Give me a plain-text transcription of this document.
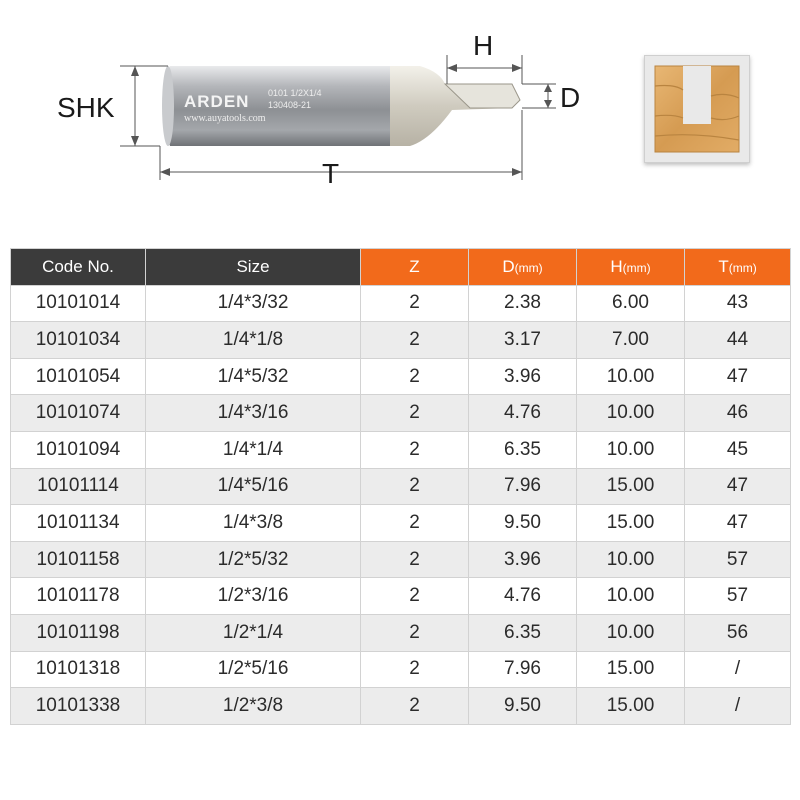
SHK
H
D
T
ARDEN 0101 1/2X1/4
130408-21
www.auyatools.com
Code No.	Size	Z	D(mm)	H(mm)	T(mm)
10101014	1/4*3/32	2	2.38	6.00	43
10101034	1/4*1/8	2	3.17	7.00	44
10101054	1/4*5/32	2	3.96	10.00	47
10101074	1/4*3/16	2	4.76	10.00	46
10101094	1/4*1/4	2	6.35	10.00	45
10101114	1/4*5/16	2	7.96	15.00	47
10101134	1/4*3/8	2	9.50	15.00	47
10101158	1/2*5/32	2	3.96	10.00	57
10101178	1/2*3/16	2	4.76	10.00	57
10101198	1/2*1/4	2	6.35	10.00	56
10101318	1/2*5/16	2	7.96	15.00	/
10101338	1/2*3/8	2	9.50	15.00	/
